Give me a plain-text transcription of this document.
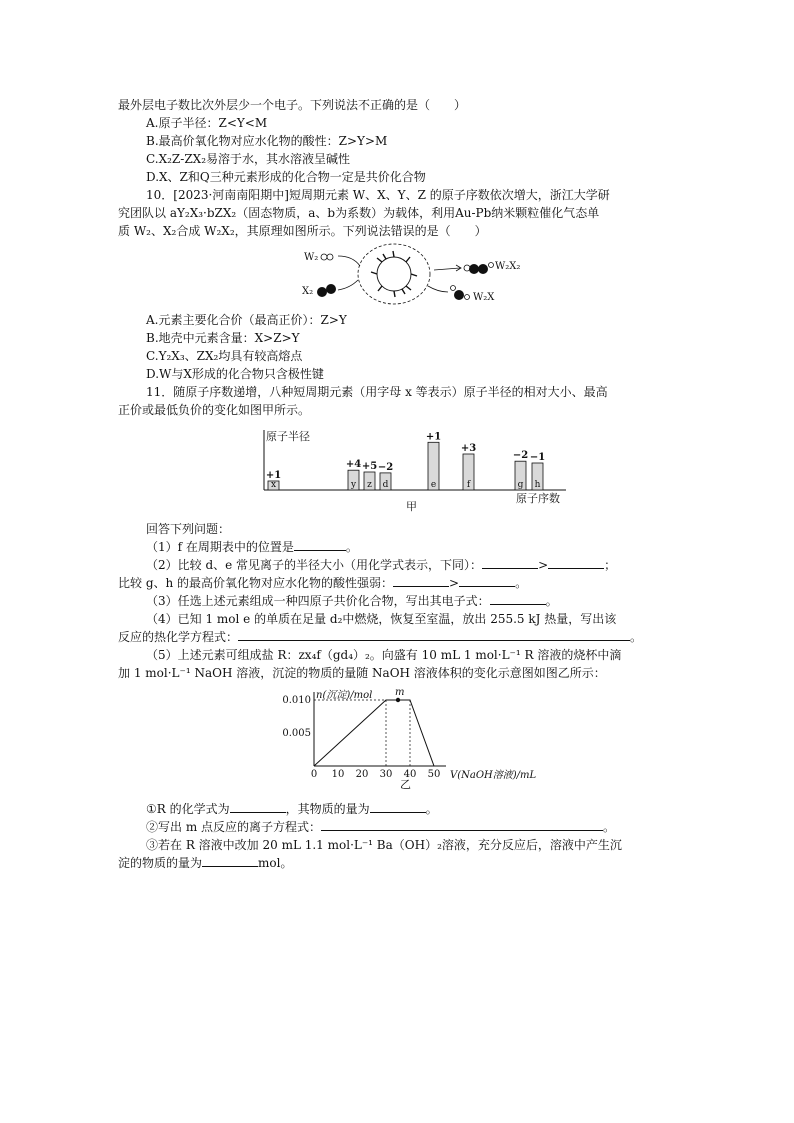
最外层电子数比次外层少一个电子。下列说法不正确的是（　　）
A.原子半径：Z<Y<M
B.最高价氧化物对应水化物的酸性：Z>Y>M
C.X₂Z-ZX₂易溶于水，其水溶液呈碱性
D.X、Z和Q三种元素形成的化合物一定是共价化合物
10．[2023·河南南阳期中]短周期元素 W、X、Y、Z 的原子序数依次增大，浙江大学研
究团队以 aY₂X₃·bZX₂（固态物质，a、b为系数）为载体，利用Au-Pb纳米颗粒催化气态单
质 W₂、X₂合成 W₂X₂，其原理如图所示。下列说法错误的是（　　）
W₂
X₂
W₂X₂
W₂X
A.元素主要化合价（最高正价）：Z>Y
B.地壳中元素含量：X>Z>Y
C.Y₂X₃、ZX₂均具有较高熔点
D.W与X形成的化合物只含极性键
11．随原子序数递增，八种短周期元素（用字母 x 等表示）原子半径的相对大小、最高
正价或最低负价的变化如图甲所示。
原子半径
原子序数
甲
x
+1
y
+4
z
+5
d
−2
e
+1
f
+3
g
−2
h
−1
回答下列问题：
（1）f 在周期表中的位置是	。
（2）比较 d、e 常见离子的半径大小（用化学式表示，下同）：	>	；
比较 g、h 的最高价氧化物对应水化物的酸性强弱：	>	。
（3）任选上述元素组成一种四原子共价化合物，写出其电子式：	。
（4）已知 1 mol e 的单质在足量 d₂中燃烧，恢复至室温，放出 255.5 kJ 热量，写出该
反应的热化学方程式：	。
（5）上述元素可组成盐 R：zx₄f（gd₄）₂。向盛有 10 mL 1 mol·L⁻¹ R 溶液的烧杯中滴
加 1 mol·L⁻¹ NaOH 溶液，沉淀的物质的量随 NaOH 溶液体积的变化示意图如图乙所示：
n(沉淀)/mol
V(NaOH溶液)/mL
乙
0 10 20 30 40 50
0.005
0.010
m
①R 的化学式为	，其物质的量为	。
②写出 m 点反应的离子方程式：	。
③若在 R 溶液中改加 20 mL 1.1 mol·L⁻¹ Ba（OH）₂溶液，充分反应后，溶液中产生沉
淀的物质的量为	mol。
